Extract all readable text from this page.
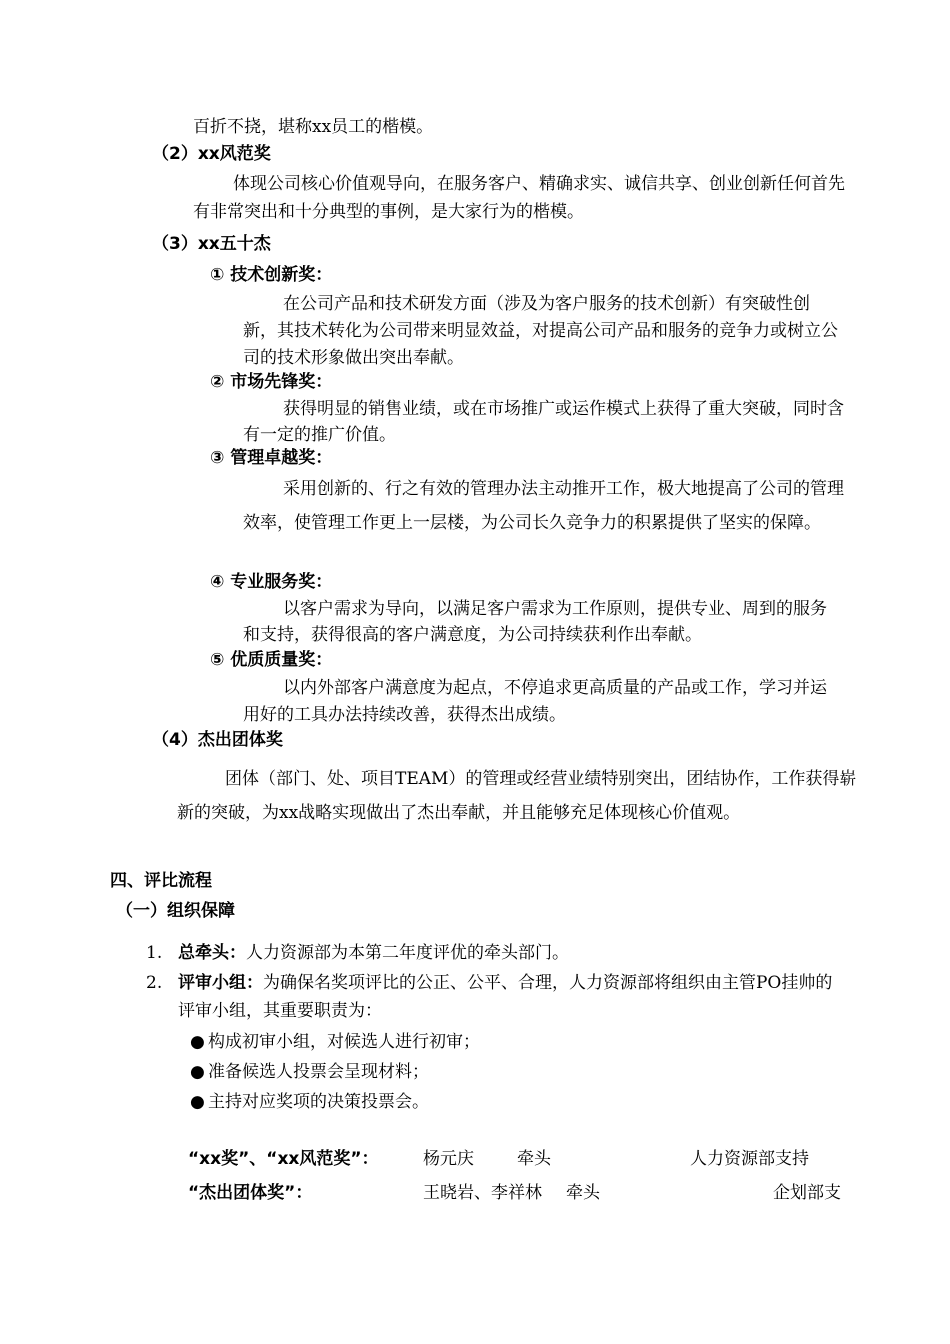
百折不挠，堪称xx员工的楷模。
（2）xx风范奖
体现公司核心价值观导向，在服务客户、精确求实、诚信共享、创业创新任何首先有非常突出和十分典型的事例，是大家行为的楷模。
（3）xx五十杰
① 技术创新奖：
在公司产品和技术研发方面（涉及为客户服务的技术创新）有突破性创新，其技术转化为公司带来明显效益，对提高公司产品和服务的竞争力或树立公司的技术形象做出突出奉献。
② 市场先锋奖：
获得明显的销售业绩，或在市场推广或运作模式上获得了重大突破，同时含有一定的推广价值。
③ 管理卓越奖：
采用创新的、行之有效的管理办法主动推开工作，极大地提高了公司的管理效率，使管理工作更上一层楼，为公司长久竞争力的积累提供了坚实的保障。
④ 专业服务奖：
以客户需求为导向，以满足客户需求为工作原则，提供专业、周到的服务和支持，获得很高的客户满意度，为公司持续获利作出奉献。
⑤ 优质质量奖：
以内外部客户满意度为起点，不停追求更高质量的产品或工作，学习并运用好的工具办法持续改善，获得杰出成绩。
（4）杰出团体奖
团体（部门、处、项目TEAM）的管理或经营业绩特别突出，团结协作，工作获得崭新的突破，为xx战略实现做出了杰出奉献，并且能够充足体现核心价值观。
四、评比流程
（一）组织保障
1. 总牵头：人力资源部为本第二年度评优的牵头部门。
2. 评审小组：为确保名奖项评比的公正、公平、合理，人力资源部将组织由主管PO挂帅的评审小组，其重要职责为：
● 构成初审小组，对候选人进行初审；
● 准备候选人投票会呈现材料；
● 主持对应奖项的决策投票会。
“xx奖”、“xx风范奖”：	杨元庆	牵头	人力资源部支持
“杰出团体奖”：	王晓岩、李祥林 牵头	企划部支
